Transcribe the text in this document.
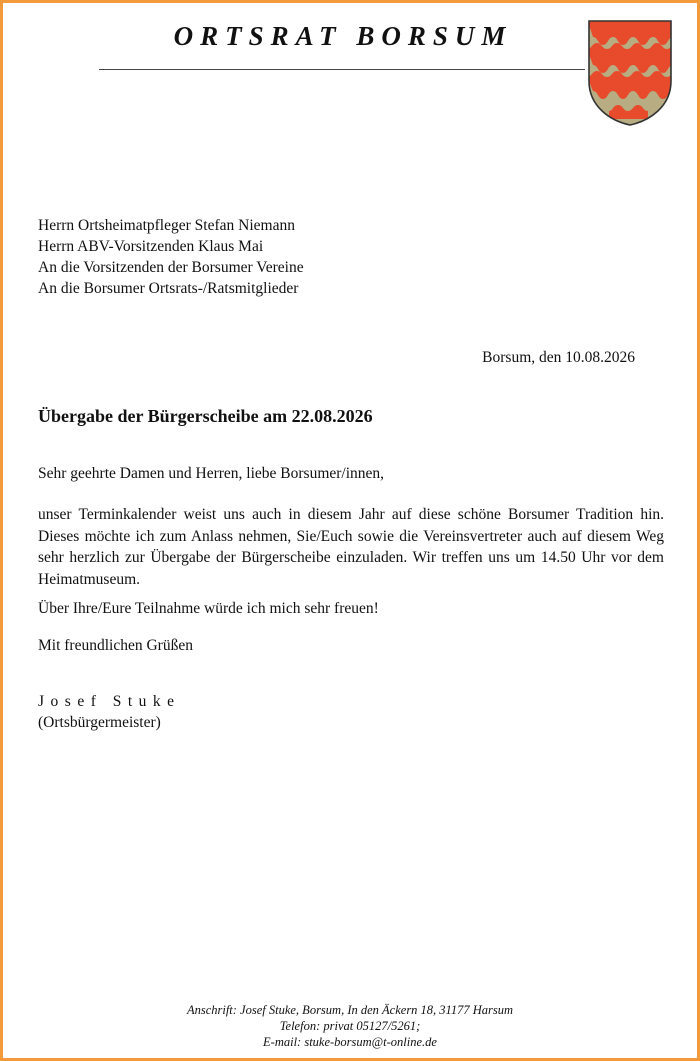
ORTSRAT BORSUM
Herrn Ortsheimatpfleger Stefan Niemann
Herrn ABV-Vorsitzenden Klaus Mai
An die Vorsitzenden der Borsumer Vereine
An die Borsumer Ortsrats-/Ratsmitglieder
Borsum, den 10.08.2026
Übergabe der Bürgerscheibe am 22.08.2026
Sehr geehrte Damen und Herren, liebe Borsumer/innen,
unser Terminkalender weist uns auch in diesem Jahr auf diese schöne Borsumer Tradition hin. Dieses möchte ich zum Anlass nehmen, Sie/Euch sowie die Vereinsvertreter auch auf diesem Weg sehr herzlich zur Übergabe der Bürgerscheibe einzuladen. Wir treffen uns um 14.50 Uhr vor dem Heimatmuseum.
Über Ihre/Eure Teilnahme würde ich mich sehr freuen!
Mit freundlichen Grüßen
Josef Stuke
(Ortsbürgermeister)
Anschrift: Josef Stuke, Borsum, In den Äckern 18, 31177 Harsum
Telefon: privat 05127/5261;
E-mail: stuke-borsum@t-online.de
